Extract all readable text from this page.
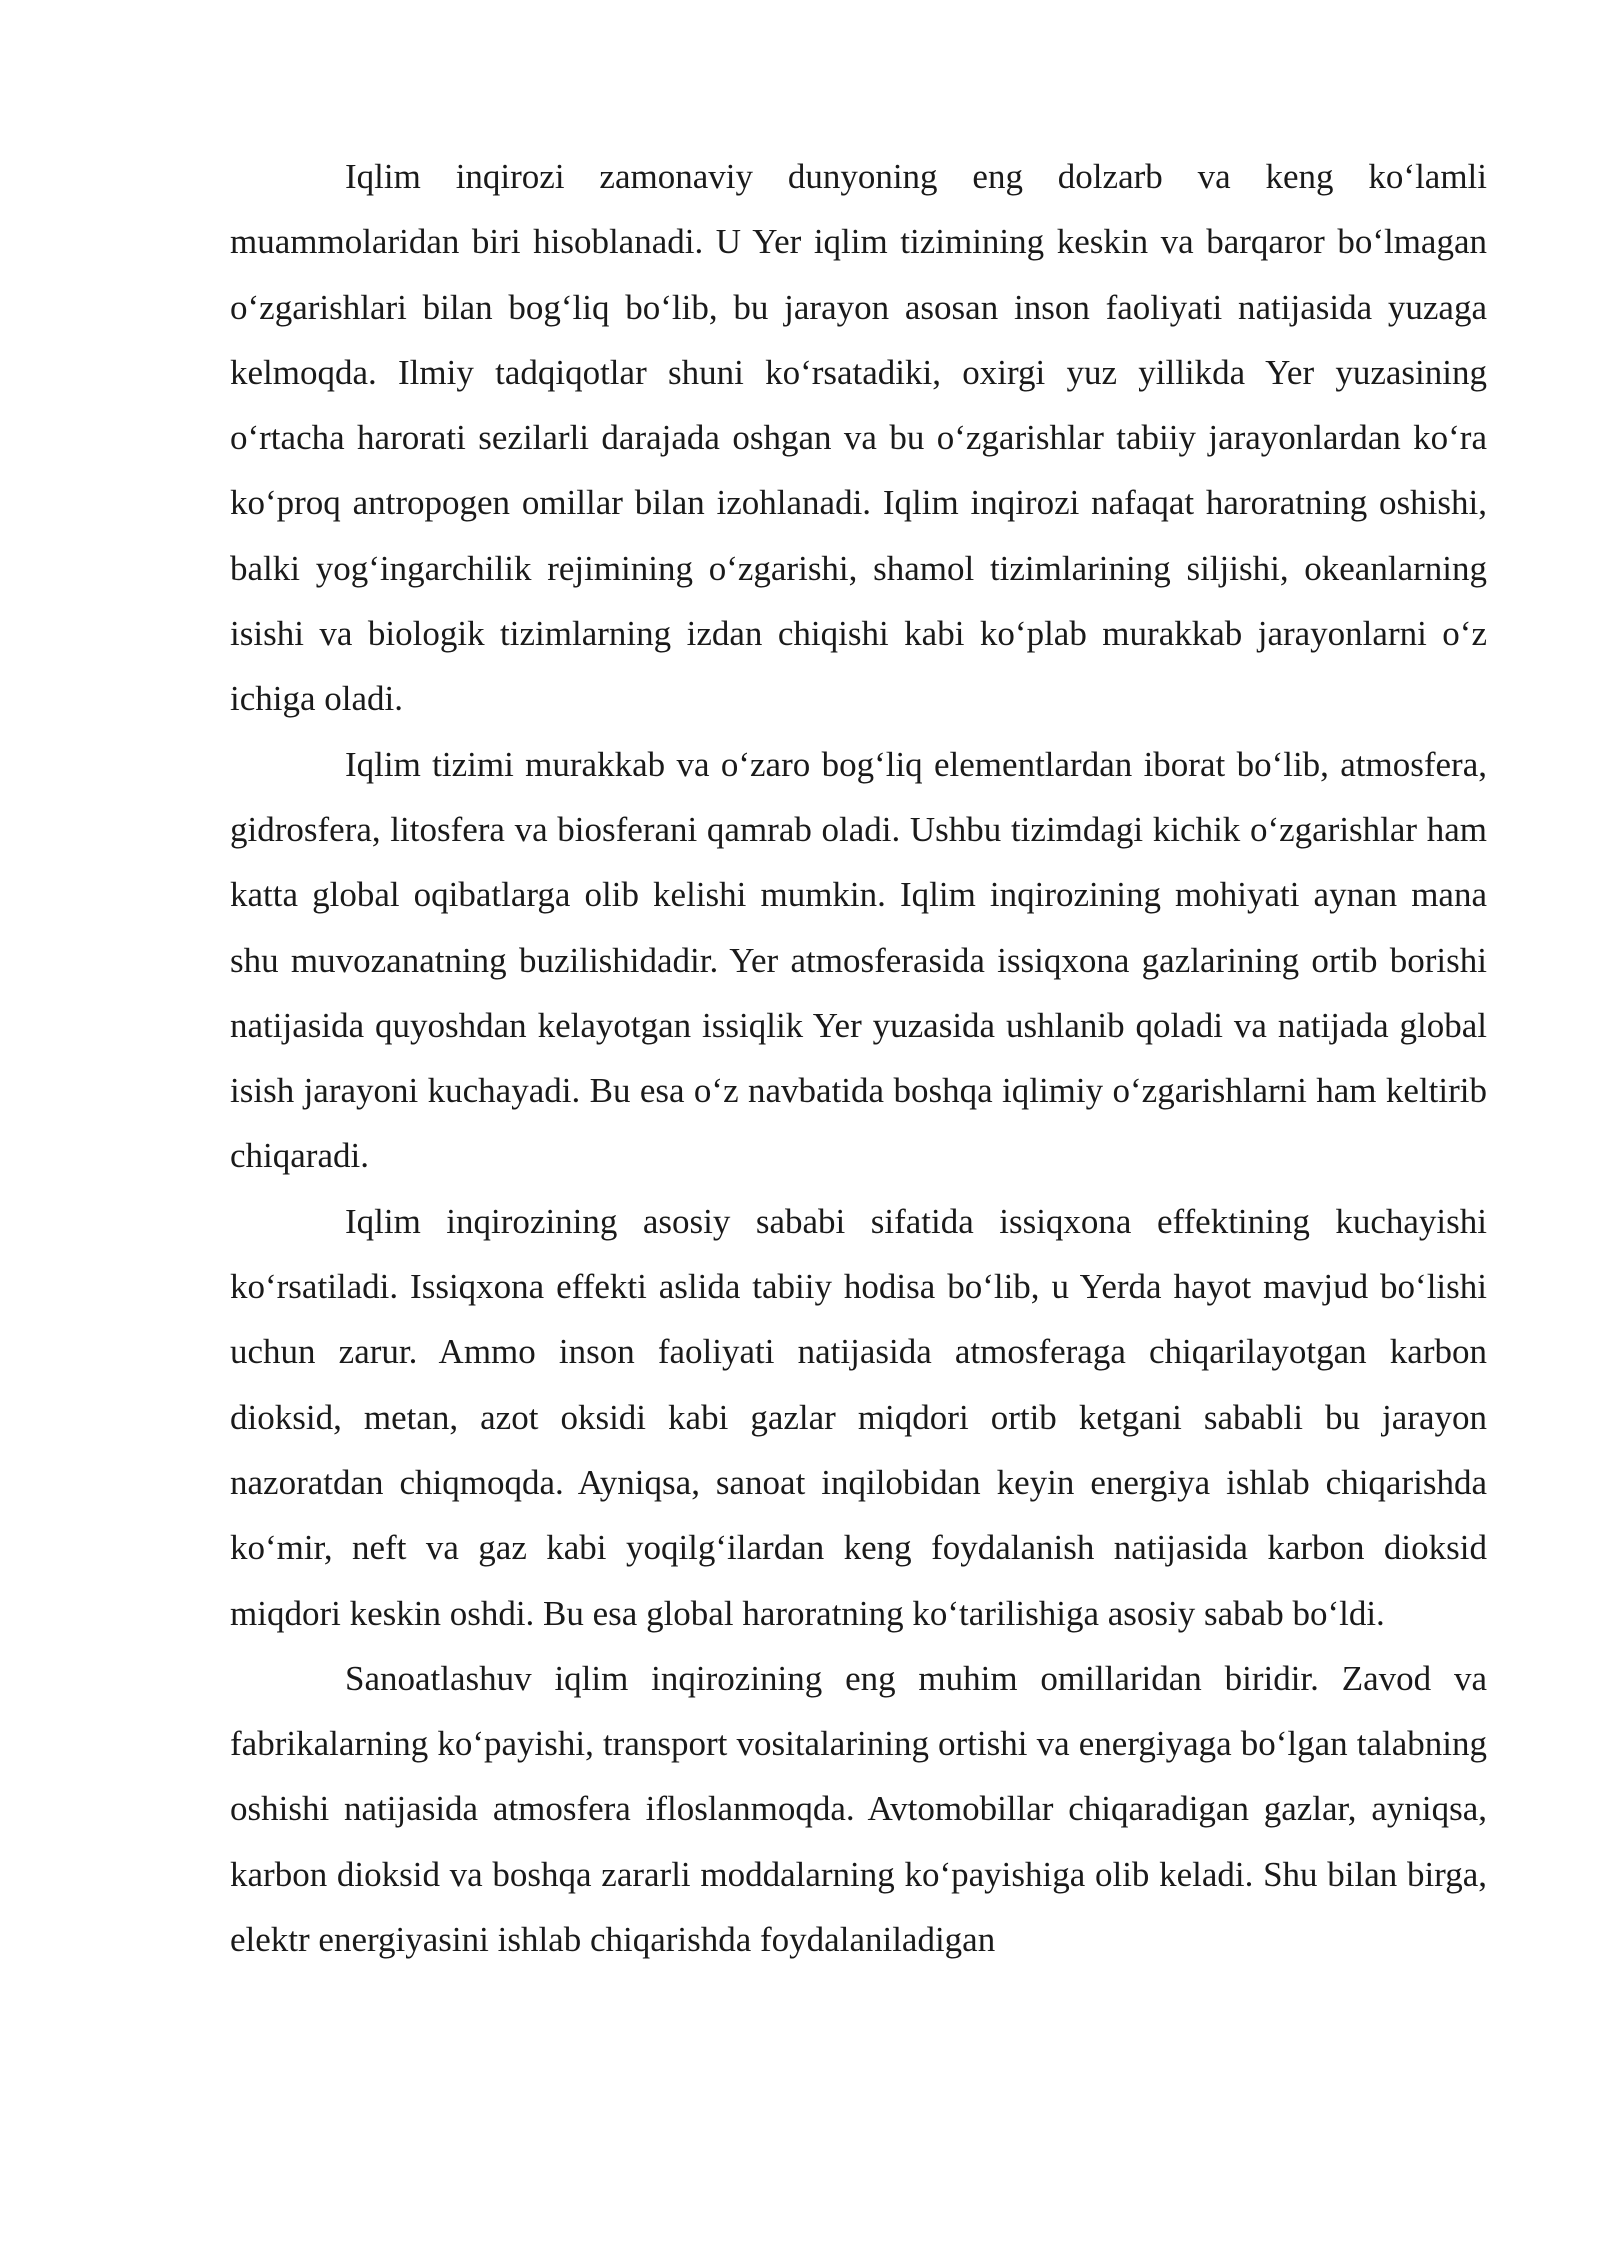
Iqlim inqirozi zamonaviy dunyoning eng dolzarb va keng ko‘lamli muammolaridan biri hisoblanadi. U Yer iqlim tizimining keskin va barqaror bo‘lmagan o‘zgarishlari bilan bog‘liq bo‘lib, bu jarayon asosan inson faoliyati natijasida yuzaga kelmoqda. Ilmiy tadqiqotlar shuni ko‘rsatadiki, oxirgi yuz yillikda Yer yuzasining o‘rtacha harorati sezilarli darajada oshgan va bu o‘zgarishlar tabiiy jarayonlardan ko‘ra ko‘proq antropogen omillar bilan izohlanadi. Iqlim inqirozi nafaqat haroratning oshishi, balki yog‘ingarchilik rejimining o‘zgarishi, shamol tizimlarining siljishi, okeanlarning isishi va biologik tizimlarning izdan chiqishi kabi ko‘plab murakkab jarayonlarni o‘z ichiga oladi.

Iqlim tizimi murakkab va o‘zaro bog‘liq elementlardan iborat bo‘lib, atmosfera, gidrosfera, litosfera va biosferani qamrab oladi. Ushbu tizimdagi kichik o‘zgarishlar ham katta global oqibatlarga olib kelishi mumkin. Iqlim inqirozining mohiyati aynan mana shu muvozanatning buzilishidadir. Yer atmosferasida issiqxona gazlarining ortib borishi natijasida quyoshdan kelayotgan issiqlik Yer yuzasida ushlanib qoladi va natijada global isish jarayoni kuchayadi. Bu esa o‘z navbatida boshqa iqlimiy o‘zgarishlarni ham keltirib chiqaradi.

Iqlim inqirozining asosiy sababi sifatida issiqxona effektining kuchayishi ko‘rsatiladi. Issiqxona effekti aslida tabiiy hodisa bo‘lib, u Yerda hayot mavjud bo‘lishi uchun zarur. Ammo inson faoliyati natijasida atmosferaga chiqarilayotgan karbon dioksid, metan, azot oksidi kabi gazlar miqdori ortib ketgani sababli bu jarayon nazoratdan chiqmoqda. Ayniqsa, sanoat inqilobidan keyin energiya ishlab chiqarishda ko‘mir, neft va gaz kabi yoqilg‘ilardan keng foydalanish natijasida karbon dioksid miqdori keskin oshdi. Bu esa global haroratning ko‘tarilishiga asosiy sabab bo‘ldi.

Sanoatlashuv iqlim inqirozining eng muhim omillaridan biridir. Zavod va fabrikalarning ko‘payishi, transport vositalarining ortishi va energiyaga bo‘lgan talabning oshishi natijasida atmosfera ifloslanmoqda. Avtomobillar chiqaradigan gazlar, ayniqsa, karbon dioksid va boshqa zararli moddalarning ko‘payishiga olib keladi. Shu bilan birga, elektr energiyasini ishlab chiqarishda foydalaniladigan
